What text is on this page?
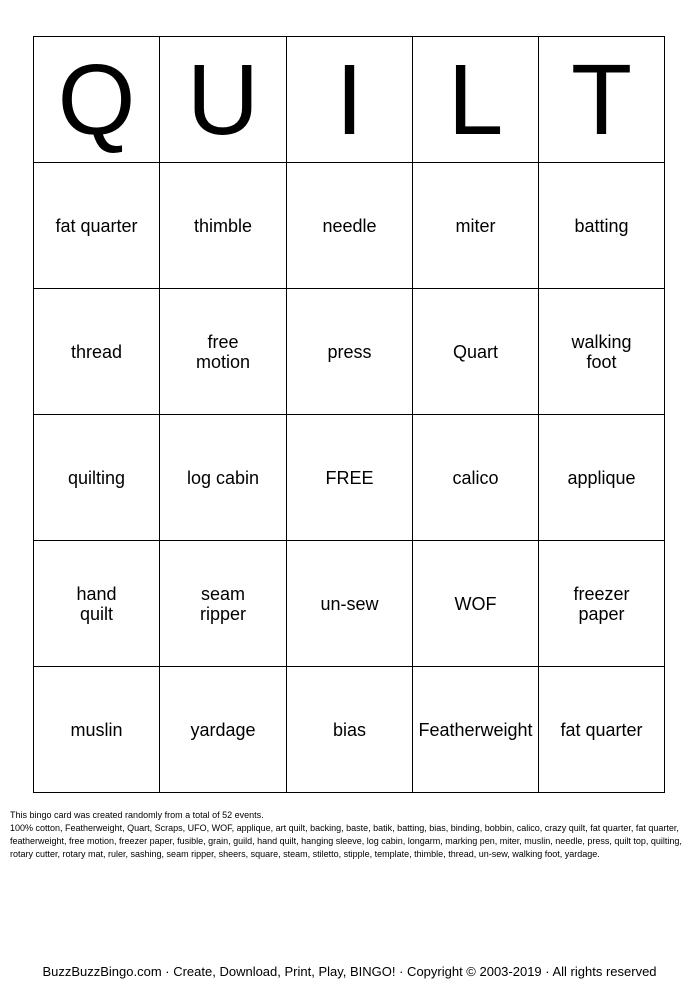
Q	U	I	L	T

fat quarter	thimble	needle	miter	batting

thread	free motion	press	Quart	walking foot

quilting	log cabin	FREE	calico	applique

hand quilt	seam ripper	un-sew	WOF	freezer paper

muslin	yardage	bias	Featherweight	fat quarter

This bingo card was created randomly from a total of 52 events.

100% cotton, Featherweight, Quart, Scraps, UFO, WOF, applique, art quilt, backing, baste, batik, batting, bias, binding, bobbin, calico, crazy quilt, fat quarter, fat quarter, featherweight, free motion, freezer paper, fusible, grain, guild, hand quilt, hanging sleeve, log cabin, longarm, marking pen, miter, muslin, needle, press, quilt top, quilting, rotary cutter, rotary mat, ruler, sashing, seam ripper, sheers, square, steam, stiletto, stipple, template, thimble, thread, un-sew, walking foot, yardage.

BuzzBuzzBingo.com · Create, Download, Print, Play, BINGO! · Copyright © 2003-2019 · All rights reserved
